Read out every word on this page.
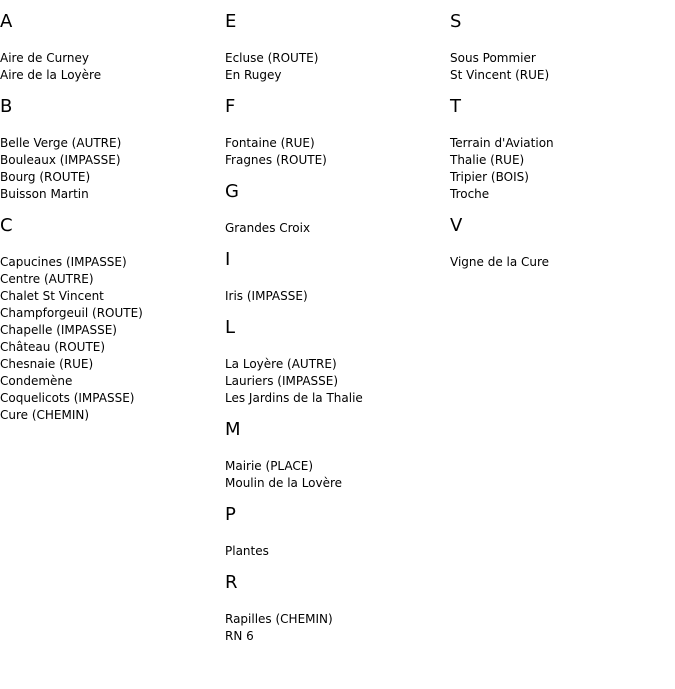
A
Aire de Curney
Aire de la Loyère
B
Belle Verge (AUTRE)
Bouleaux (IMPASSE)
Bourg (ROUTE)
Buisson Martin
C
Capucines (IMPASSE)
Centre (AUTRE)
Chalet St Vincent
Champforgeuil (ROUTE)
Chapelle (IMPASSE)
Château (ROUTE)
Chesnaie (RUE)
Condemène
Coquelicots (IMPASSE)
Cure (CHEMIN)
E
Ecluse (ROUTE)
En Rugey
F
Fontaine (RUE)
Fragnes (ROUTE)
G
Grandes Croix
I
Iris (IMPASSE)
L
La Loyère (AUTRE)
Lauriers (IMPASSE)
Les Jardins de la Thalie
M
Mairie (PLACE)
Moulin de la Lovère
P
Plantes
R
Rapilles (CHEMIN)
RN 6
S
Sous Pommier
St Vincent (RUE)
T
Terrain d'Aviation
Thalie (RUE)
Tripier (BOIS)
Troche
V
Vigne de la Cure
